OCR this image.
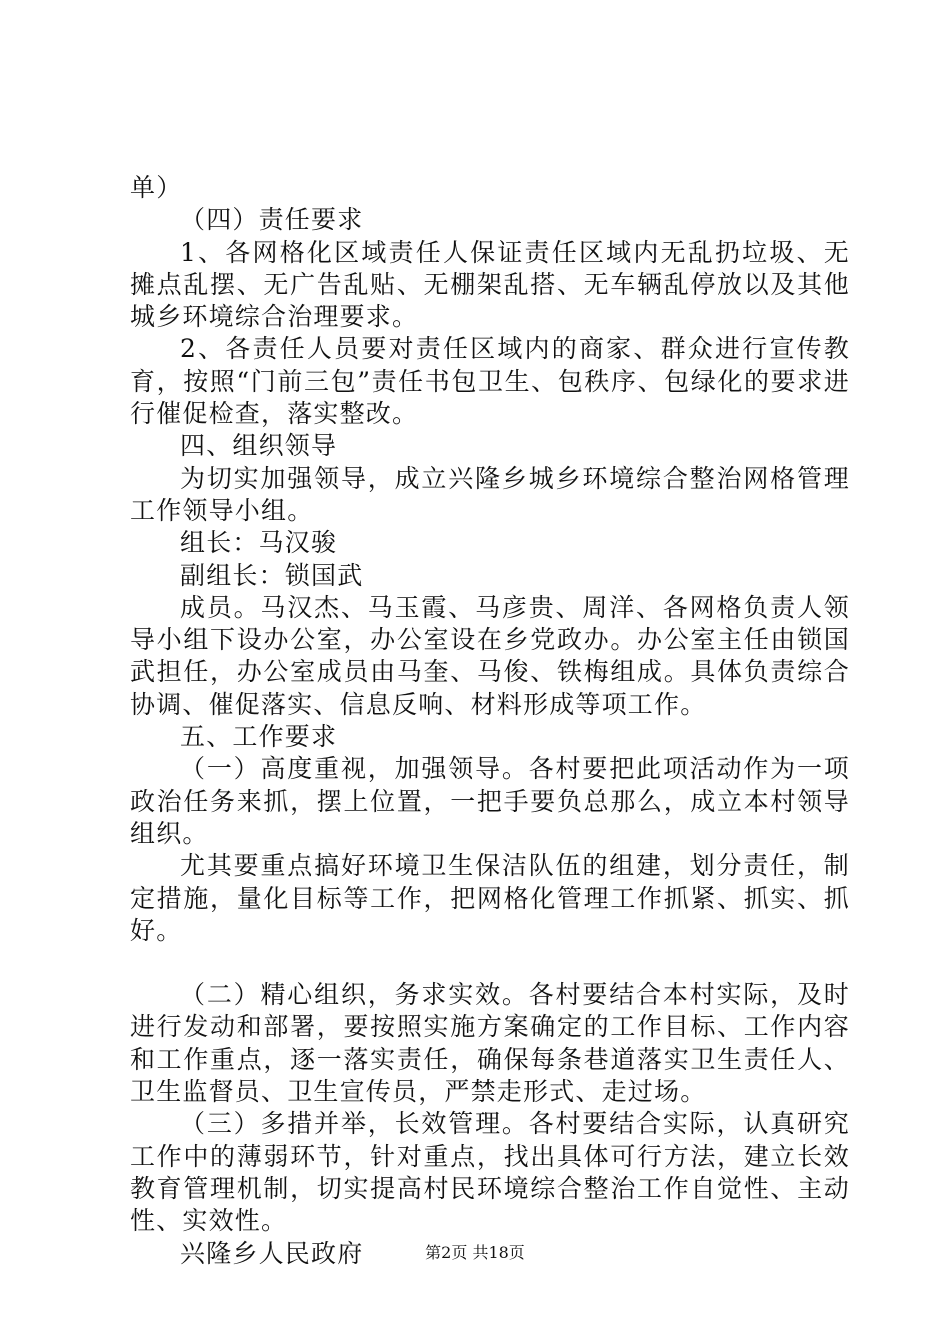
单）

（四）责任要求

1、各网格化区域责任人保证责任区域内无乱扔垃圾、无摊点乱摆、无广告乱贴、无棚架乱搭、无车辆乱停放以及其他城乡环境综合治理要求。

2、各责任人员要对责任区域内的商家、群众进行宣传教育，按照“门前三包”责任书包卫生、包秩序、包绿化的要求进行催促检查，落实整改。

四、组织领导

为切实加强领导，成立兴隆乡城乡环境综合整治网格管理工作领导小组。

组长：马汉骏

副组长：锁国武

成员。马汉杰、马玉霞、马彦贵、周洋、各网格负责人领导小组下设办公室，办公室设在乡党政办。办公室主任由锁国武担任，办公室成员由马奎、马俊、铁梅组成。具体负责综合协调、催促落实、信息反响、材料形成等项工作。

五、工作要求

（一）高度重视，加强领导。各村要把此项活动作为一项政治任务来抓，摆上位置，一把手要负总那么，成立本村领导组织。

尤其要重点搞好环境卫生保洁队伍的组建，划分责任，制定措施，量化目标等工作，把网格化管理工作抓紧、抓实、抓好。

（二）精心组织，务求实效。各村要结合本村实际，及时进行发动和部署，要按照实施方案确定的工作目标、工作内容和工作重点，逐一落实责任，确保每条巷道落实卫生责任人、卫生监督员、卫生宣传员，严禁走形式、走过场。

（三）多措并举，长效管理。各村要结合实际，认真研究工作中的薄弱环节，针对重点，找出具体可行方法，建立长效教育管理机制，切实提高村民环境综合整治工作自觉性、主动性、实效性。

兴隆乡人民政府	第2页 共18页
